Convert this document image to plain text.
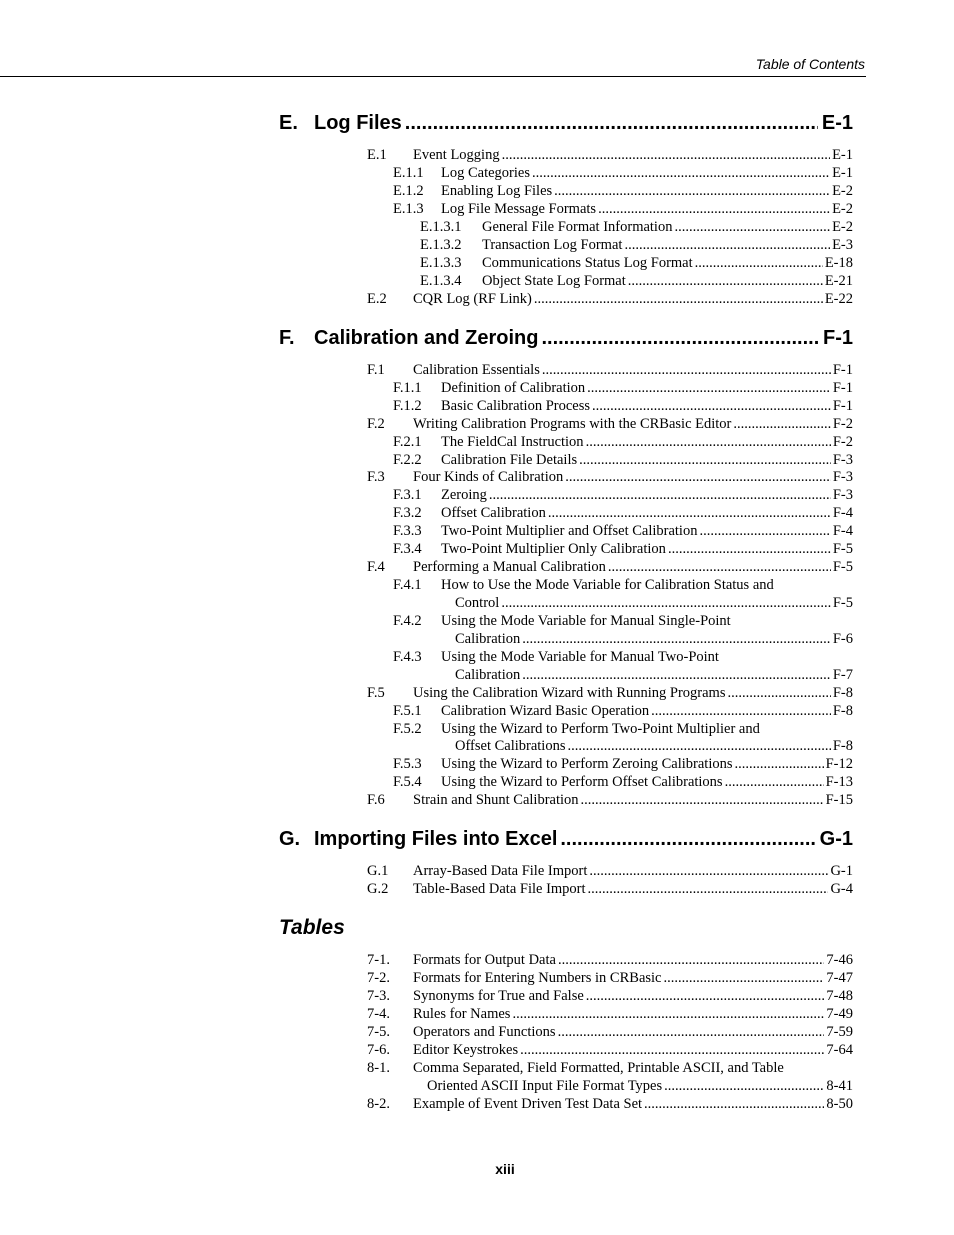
Table of Contents
E. Log Files .....	E-1
E.1	Event Logging .....	E-1
E.1.1	Log Categories .....	E-1
E.1.2	Enabling Log Files .....	E-2
E.1.3	Log File Message Formats .....	E-2
E.1.3.1	General File Format Information .....	E-2
E.1.3.2	Transaction Log Format .....	E-3
E.1.3.3	Communications Status Log Format .....	E-18
E.1.3.4	Object State Log Format .....	E-21
E.2	CQR Log (RF Link) .....	E-22
F. Calibration and Zeroing .....	F-1
F.1	Calibration Essentials .....	F-1
F.1.1	Definition of Calibration .....	F-1
F.1.2	Basic Calibration Process .....	F-1
F.2	Writing Calibration Programs with the CRBasic Editor .....	F-2
F.2.1	The FieldCal Instruction .....	F-2
F.2.2	Calibration File Details .....	F-3
F.3	Four Kinds of Calibration .....	F-3
F.3.1	Zeroing .....	F-3
F.3.2	Offset Calibration .....	F-4
F.3.3	Two-Point Multiplier and Offset Calibration .....	F-4
F.3.4	Two-Point Multiplier Only Calibration .....	F-5
F.4	Performing a Manual Calibration .....	F-5
F.4.1 How to Use the Mode Variable for Calibration Status and
Control .....	F-5
F.4.2 Using the Mode Variable for Manual Single-Point
Calibration .....	F-6
F.4.3 Using the Mode Variable for Manual Two-Point
Calibration .....	F-7
F.5	Using the Calibration Wizard with Running Programs .....	F-8
F.5.1	Calibration Wizard Basic Operation .....	F-8
F.5.2 Using the Wizard to Perform Two-Point Multiplier and
Offset Calibrations .....	F-8
F.5.3	Using the Wizard to Perform Zeroing Calibrations .....	F-12
F.5.4	Using the Wizard to Perform Offset Calibrations .....	F-13
F.6	Strain and Shunt Calibration .....	F-15
G. Importing Files into Excel .....	G-1
G.1	Array-Based Data File Import .....	G-1
G.2	Table-Based Data File Import .....	G-4
Tables
7-1.	Formats for Output Data .....	7-46
7-2.	Formats for Entering Numbers in CRBasic .....	7-47
7-3.	Synonyms for True and False .....	7-48
7-4.	Rules for Names .....	7-49
7-5.	Operators and Functions .....	7-59
7-6.	Editor Keystrokes .....	7-64
8-1. Comma Separated, Field Formatted, Printable ASCII, and Table
Oriented ASCII Input File Format Types .....	8-41
8-2.	Example of Event Driven Test Data Set .....	8-50
xiii
